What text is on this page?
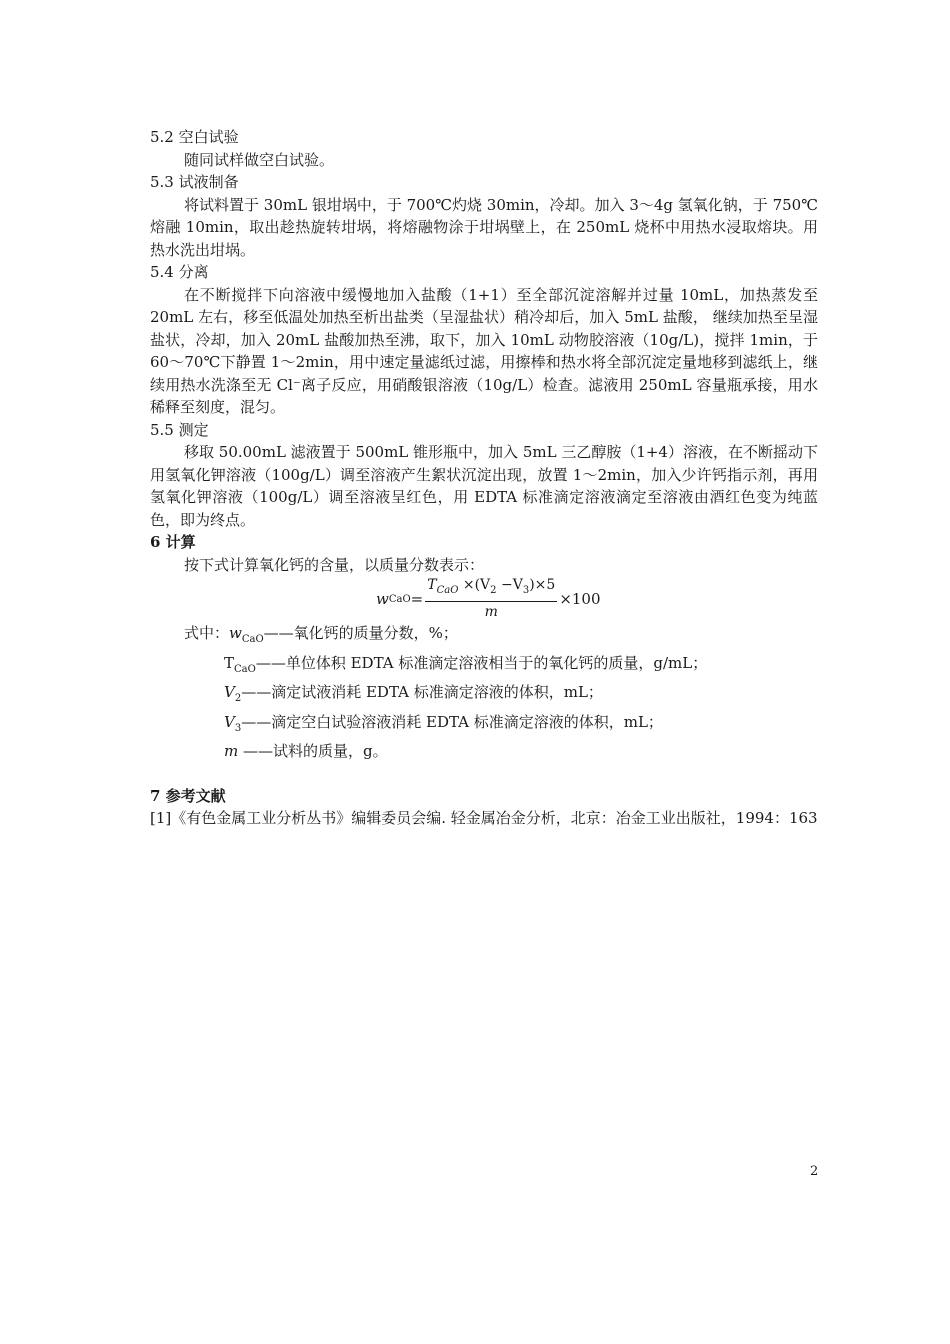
5.2 空白试验
随同试样做空白试验。
5.3 试液制备
将试料置于 30mL 银坩埚中，于 700℃灼烧 30min，冷却。加入 3～4g 氢氧化钠，于 750℃熔融 10min，取出趁热旋转坩埚，将熔融物涂于坩埚壁上，在 250mL 烧杯中用热水浸取熔块。用热水洗出坩埚。
5.4 分离
在不断搅拌下向溶液中缓慢地加入盐酸（1+1）至全部沉淀溶解并过量 10mL，加热蒸发至 20mL 左右，移至低温处加热至析出盐类（呈湿盐状）稍冷却后，加入 5mL 盐酸， 继续加热至呈湿盐状，冷却，加入 20mL 盐酸加热至沸，取下，加入 10mL 动物胶溶液（10g/L)，搅拌 1min，于 60～70℃下静置 1～2min，用中速定量滤纸过滤，用擦棒和热水将全部沉淀定量地移到滤纸上，继续用热水洗涤至无 Cl⁻离子反应，用硝酸银溶液（10g/L）检查。滤液用 250mL 容量瓶承接，用水稀释至刻度，混匀。
5.5 测定
移取 50.00mL 滤液置于 500mL 锥形瓶中，加入 5mL 三乙醇胺（1+4）溶液，在不断摇动下用氢氧化钾溶液（100g/L）调至溶液产生絮状沉淀出现，放置 1～2min，加入少许钙指示剂，再用氢氧化钾溶液（100g/L）调至溶液呈红色，用 EDTA 标准滴定溶液滴定至溶液由酒红色变为纯蓝色，即为终点。
6 计算
按下式计算氧化钙的含量，以质量分数表示：
w CaO = $\frac{T_{CaO} \times(V_2 -V_3)\times 5}{m} \times 100$
式中：$w_{CaO}——$氧化钙的质量分数，%；
$T_{CaO}——$单位体积 EDTA 标准滴定溶液相当于的氧化钙的质量，g/mL；
$V_2——$滴定试液消耗 EDTA 标准滴定溶液的体积，mL；
$V_3——$滴定空白试验溶液消耗 EDTA 标准滴定溶液的体积，mL；
m ——试料的质量，g。
7 参考文献
[1]《有色金属工业分析丛书》编辑委员会编. 轻金属冶金分析，北京：冶金工业出版社，1994：163
2
